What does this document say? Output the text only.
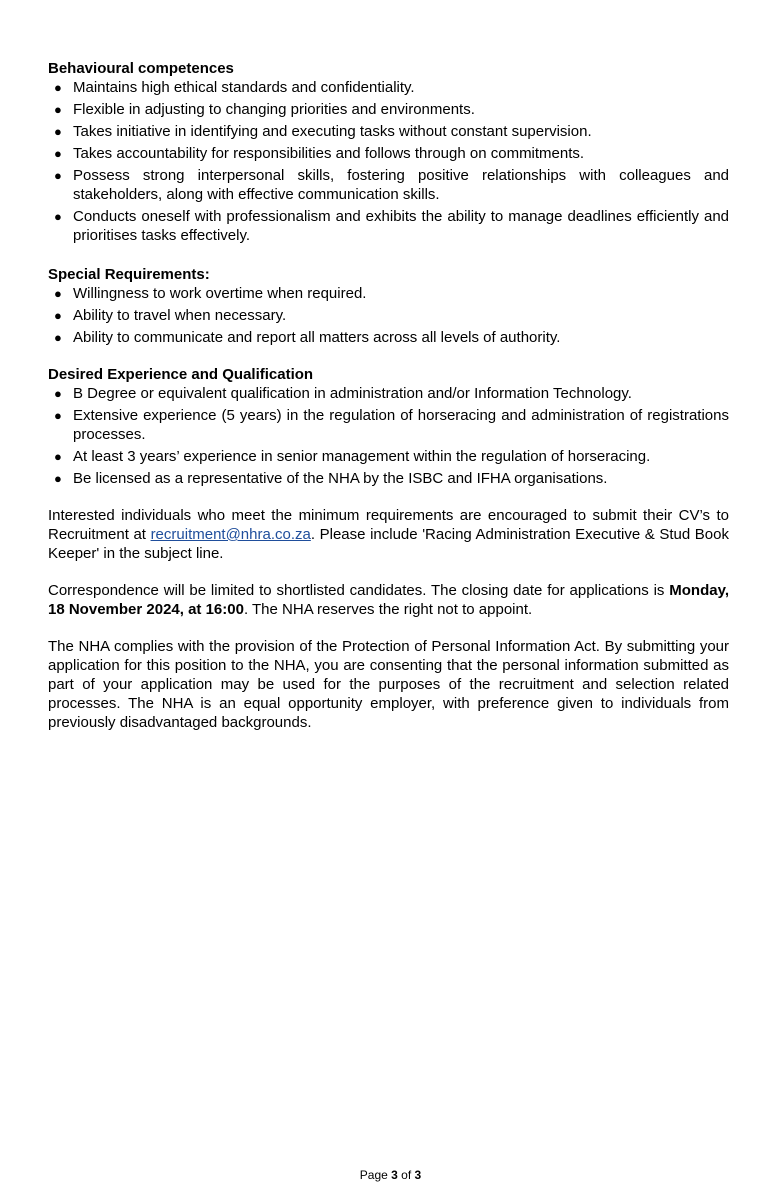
Behavioural competences
● Maintains high ethical standards and confidentiality.
● Flexible in adjusting to changing priorities and environments.
● Takes initiative in identifying and executing tasks without constant supervision.
● Takes accountability for responsibilities and follows through on commitments.
● Possess strong interpersonal skills, fostering positive relationships with colleagues and stakeholders, along with effective communication skills.
● Conducts oneself with professionalism and exhibits the ability to manage deadlines efficiently and prioritises tasks effectively.
Special Requirements:
● Willingness to work overtime when required.
● Ability to travel when necessary.
● Ability to communicate and report all matters across all levels of authority.
Desired Experience and Qualification
● B Degree or equivalent qualification in administration and/or Information Technology.
● Extensive experience (5 years) in the regulation of horseracing and administration of registrations processes.
● At least 3 years’ experience in senior management within the regulation of horseracing.
● Be licensed as a representative of the NHA by the ISBC and IFHA organisations.

Interested individuals who meet the minimum requirements are encouraged to submit their CV’s to Recruitment at recruitment@nhra.co.za. Please include 'Racing Administration Executive & Stud Book Keeper' in the subject line.

Correspondence will be limited to shortlisted candidates. The closing date for applications is Monday, 18 November 2024, at 16:00. The NHA reserves the right not to appoint.

The NHA complies with the provision of the Protection of Personal Information Act. By submitting your application for this position to the NHA, you are consenting that the personal information submitted as part of your application may be used for the purposes of the recruitment and selection related processes. The NHA is an equal opportunity employer, with preference given to individuals from previously disadvantaged backgrounds.

Page 3 of 3
